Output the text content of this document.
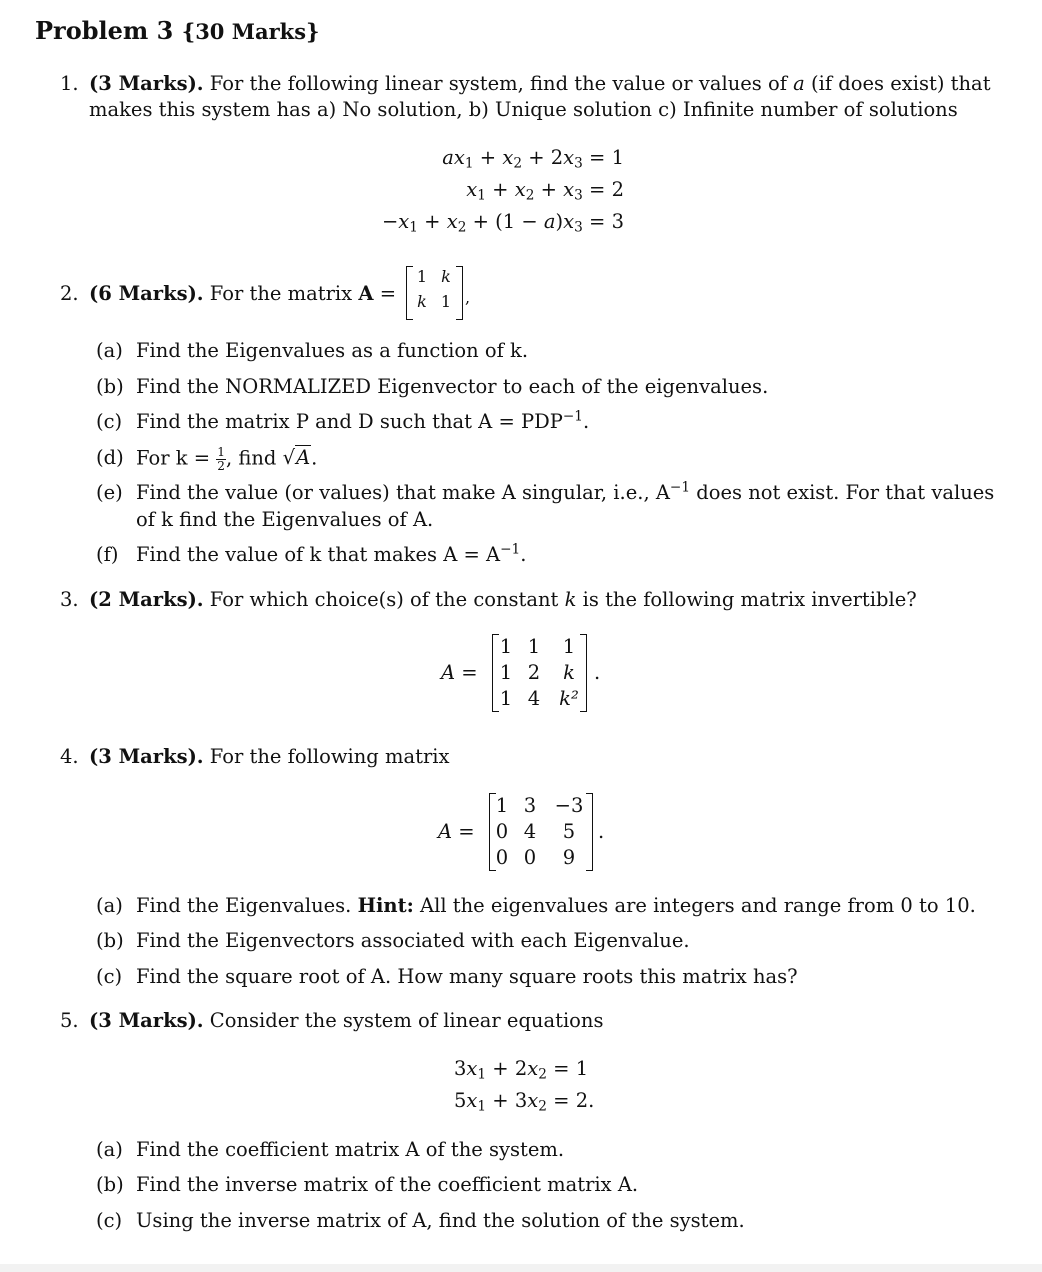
Problem 3 {30 Marks}
1. (3 Marks). For the following linear system, find the value or values of a (if does exist) that
makes this system has a) No solution, b) Unique solution c) Infinite number of solutions
$ax_1 + x_2 + 2x_3 = 1$
$x_1 + x_2 + x_3 = 2$
$-x_1 + x_2 + (1 - a)x_3 = 3$
2. (6 Marks). For the matrix A =
1 k
k 1 ,
(a) Find the Eigenvalues as a function of k.
(b) Find the NORMALIZED Eigenvector to each of the eigenvalues.
(c) Find the matrix P and D such that $A = PDP^{-1}$.
(d) For $k = \frac{1}{2}$ , find √A.
(e) Find the value (or values) that make A singular, i.e., $A^{-1}$ does not exist. For that values
of k find the Eigenvalues of A.
(f) Find the value of k that makes $A = A^{-1}$.
3. (2 Marks). For which choice(s) of the constant k is the following matrix invertible?
A =
1 1 1
1 2	k
1 4 k²
.
4. (3 Marks). For the following matrix
A =
1 3 −3
0 4	5
0 0	9
.
(a) Find the Eigenvalues. Hint: All the eigenvalues are integers and range from 0 to 10.
(b) Find the Eigenvectors associated with each Eigenvalue.
(c) Find the square root of A. How many square roots this matrix has?
5. (3 Marks). Consider the system of linear equations
$3x_1 + 2x_2 = 1$
$5x_1 + 3x_2 = 2$.
(a) Find the coefficient matrix A of the system.
(b) Find the inverse matrix of the coefficient matrix A.
(c) Using the inverse matrix of A, find the solution of the system.
